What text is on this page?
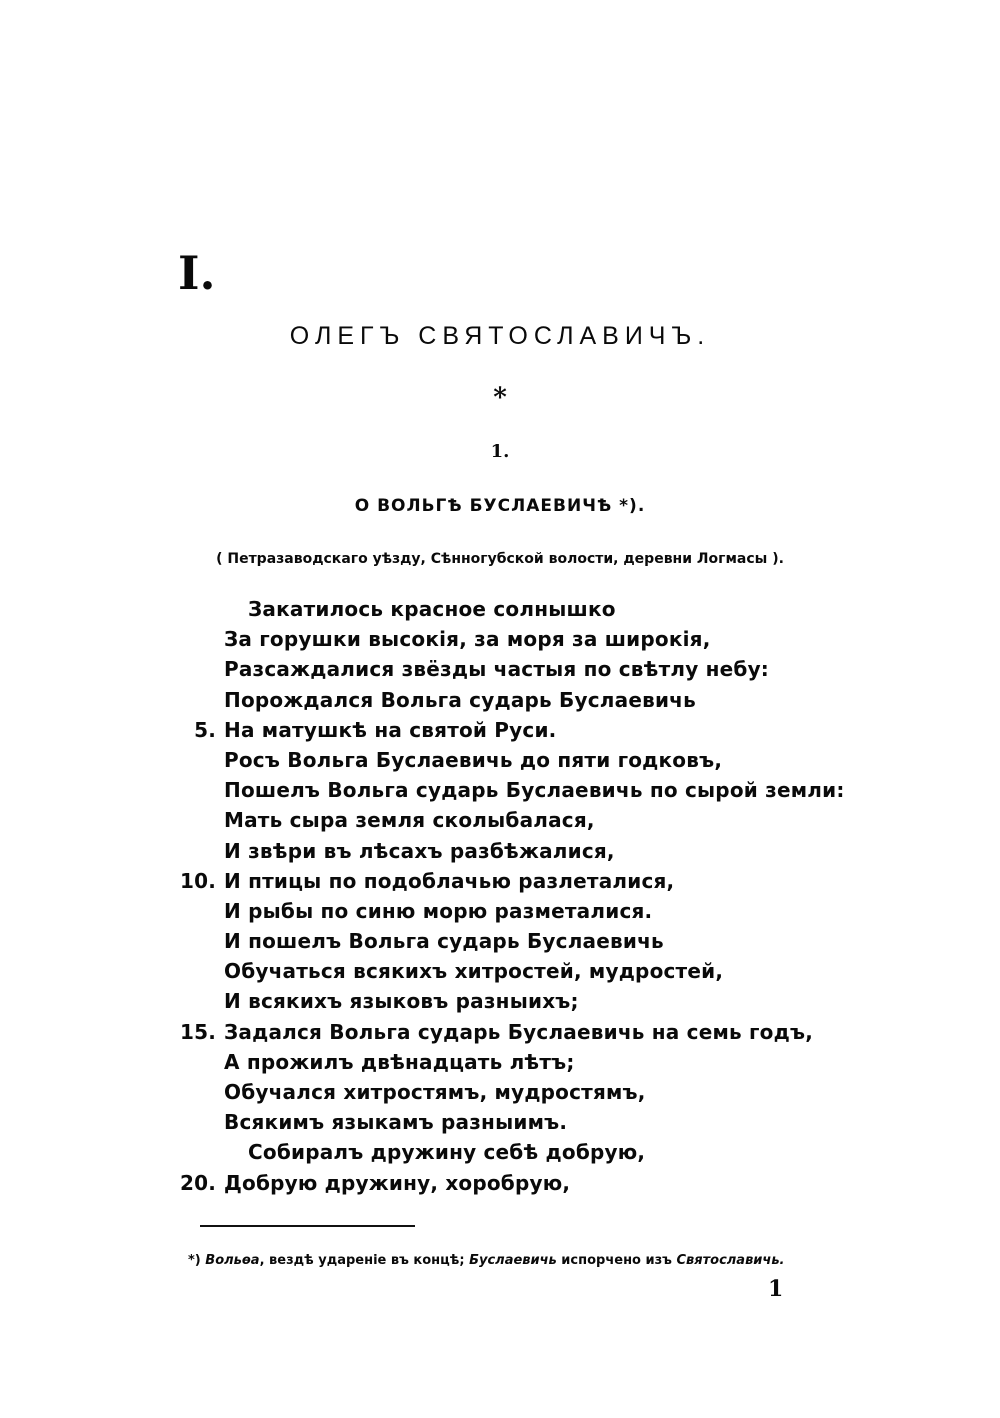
I.
ОЛЕГЪ СВЯТОСЛАВИЧЪ.
*
1.
О ВОЛЬГѢ БУСЛАЕВИЧѢ *).
( Петразаводскаго уѣзду, Сѣнногубской волости, деревни Логмасы ).
Закатилось красное солнышко
За горушки высокія, за моря за широкія,
Разсаждалися звёзды частыя по свѣтлу небу:
Порождался Вольга сударь Буслаевичь
5. На матушкѣ на святой Руси.
Росъ Вольга Буслаевичь до пяти годковъ,
Пошелъ Вольга сударь Буслаевичь по сырой земли:
Мать сыра земля сколыбалася,
И звѣри въ лѣсахъ разбѣжалися,
10. И птицы по подоблачью разлеталися,
И рыбы по синю морю разметалися.
И пошелъ Вольга сударь Буслаевичь
Обучаться всякихъ хитростей, мудростей,
И всякихъ языковъ разныихъ;
15. Задался Вольга сударь Буслаевичь на семь годъ,
А прожилъ двѣнадцать лѣтъ;
Обучался хитростямъ, мудростямъ,
Всякимъ языкамъ разныимъ.
Собиралъ дружину себѣ добрую,
20. Добрую дружину, хоробрую,
*) Вольѳа, вездѣ удареніе въ концѣ; Буслаевичь испорчено изъ Святославичь.
1
